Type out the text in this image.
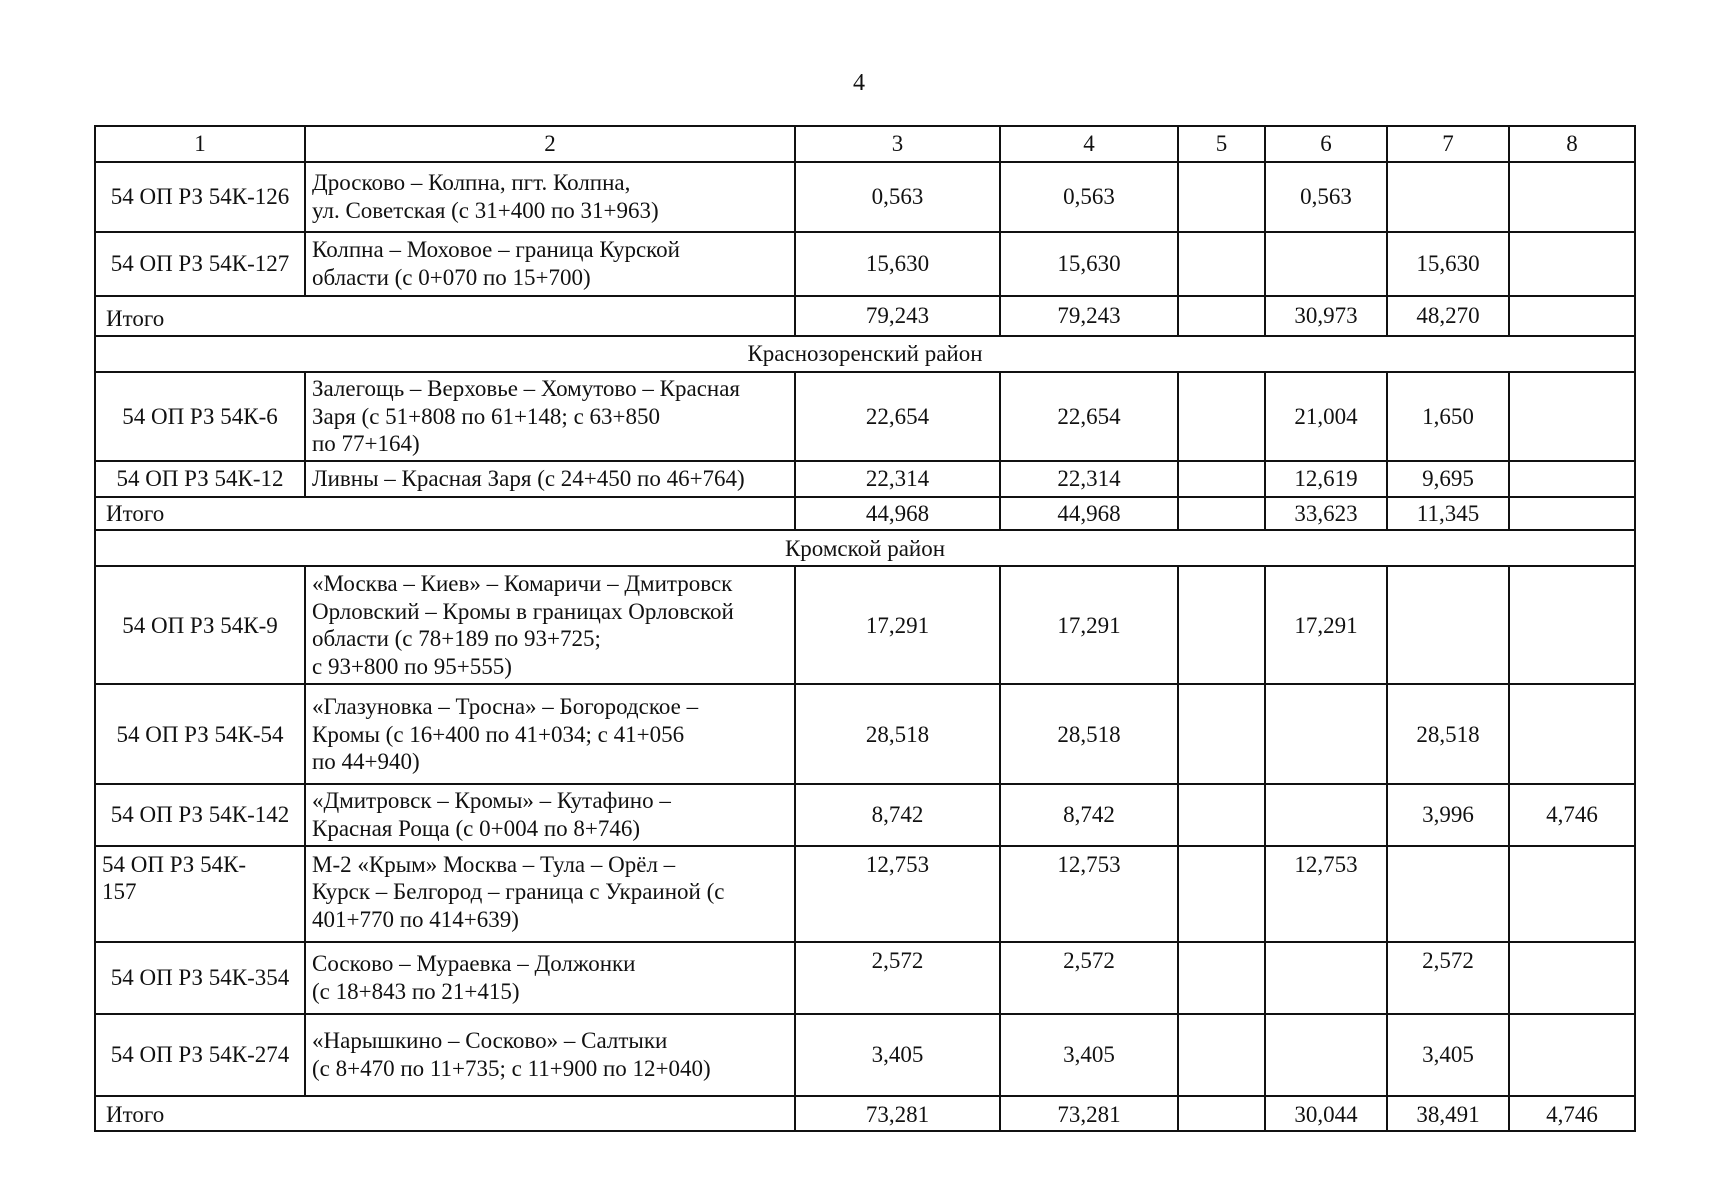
4
1	2	3	4	5	6	7	8
54 ОП РЗ 54К-126	Дросково – Колпна, пгт. Колпна,
ул. Советская (с 31+400 по 31+963)	0,563	0,563		0,563		
54 ОП РЗ 54К-127	Колпна – Моховое – граница Курской
области (с 0+070 по 15+700)	15,630	15,630			15,630	
Итого		79,243	79,243		30,973	48,270	
Краснозоренский район							
54 ОП РЗ 54К-6	Залегощь – Верховье – Хомутово – Красная
Заря (с 51+808 по 61+148; с 63+850
по 77+164)	22,654	22,654		21,004	1,650	
54 ОП РЗ 54К-12	Ливны – Красная Заря (с 24+450 по 46+764)	22,314	22,314		12,619	9,695	
Итого		44,968	44,968		33,623	11,345	
Кромской район							
54 ОП РЗ 54К-9	«Москва – Киев» – Комаричи – Дмитровск
Орловский – Кромы в границах Орловской
области (с 78+189 по 93+725;
с 93+800 по 95+555)	17,291	17,291		17,291		
54 ОП РЗ 54К-54	«Глазуновка – Тросна» – Богородское –
Кромы (с 16+400 по 41+034; с 41+056
по 44+940)	28,518	28,518			28,518	
54 ОП РЗ 54К-142	«Дмитровск – Кромы» – Кутафино –
Красная Роща (с 0+004 по 8+746)	8,742	8,742			3,996	4,746
54 ОП РЗ 54К-
157	М-2 «Крым» Москва – Тула – Орёл –
Курск – Белгород – граница с Украиной (с
401+770 по 414+639)	12,753	12,753		12,753		
54 ОП РЗ 54К-354	Сосково – Мураевка – Должонки
(с 18+843 по 21+415)	2,572	2,572			2,572	
54 ОП РЗ 54К-274	«Нарышкино – Сосково» – Салтыки
(с 8+470 по 11+735; с 11+900 по 12+040)	3,405	3,405			3,405	
Итого		73,281	73,281		30,044	38,491	4,746
